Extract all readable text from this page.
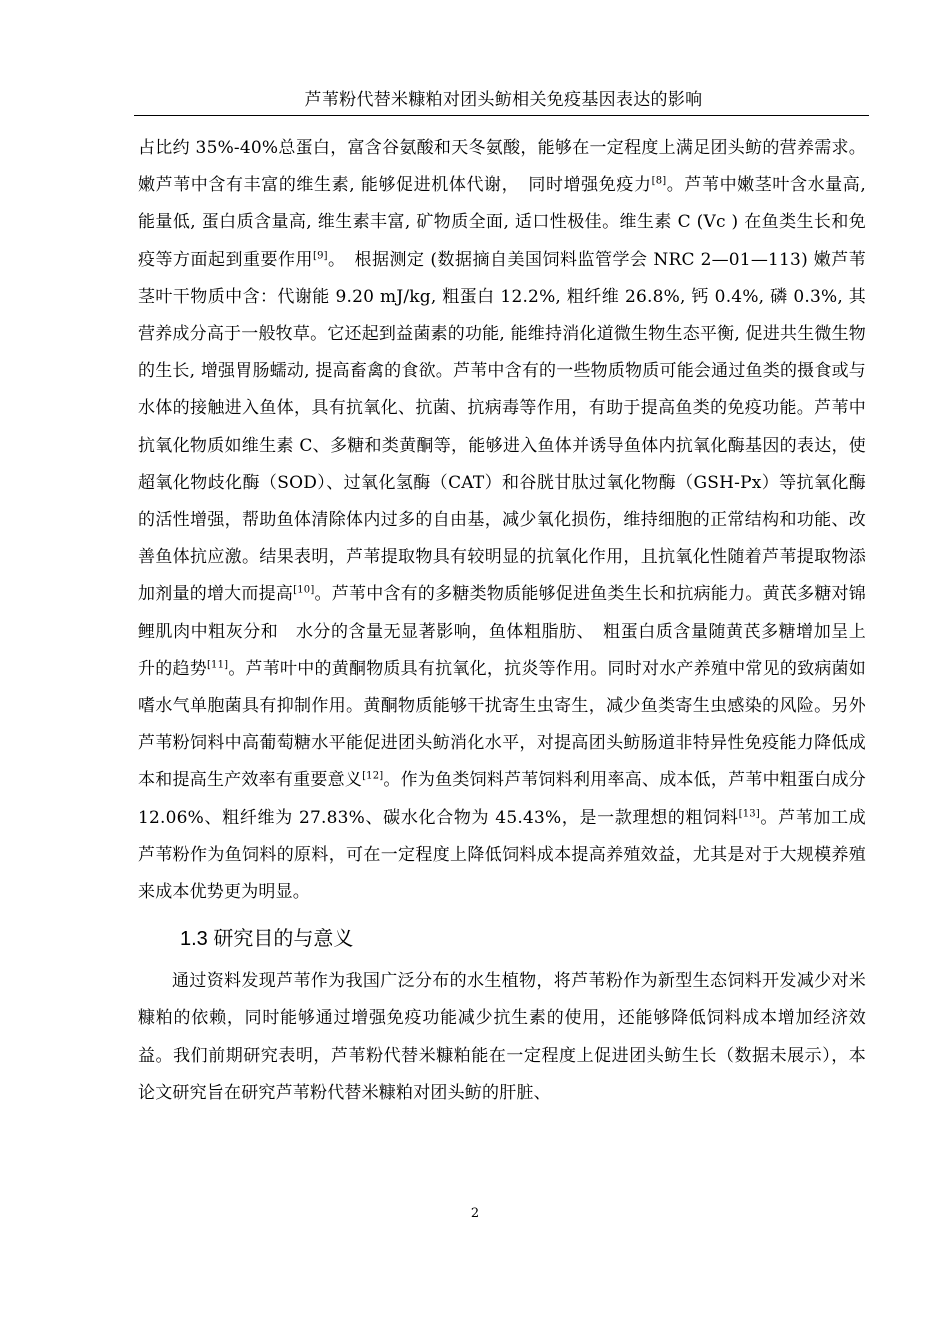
芦苇粉代替米糠粕对团头鲂相关免疫基因表达的影响

占比约 35%-40%总蛋白，富含谷氨酸和天冬氨酸，能够在一定程度上满足团头鲂的营养需求。嫩芦苇中含有丰富的维生素, 能够促进机体代谢，　同时增强免疫力[8]。芦苇中嫩茎叶含水量高, 能量低, 蛋白质含量高, 维生素丰富, 矿物质全面, 适口性极佳。维生素 C (Vc ) 在鱼类生长和免疫等方面起到重要作用[9]。　根据测定 (数据摘自美国饲料监管学会 NRC 2—01—113) 嫩芦苇茎叶干物质中含：代谢能 9.20 mJ/kg, 粗蛋白 12.2%, 粗纤维 26.8%, 钙 0.4%, 磷 0.3%, 其营养成分高于一般牧草。它还起到益菌素的功能, 能维持消化道微生物生态平衡, 促进共生微生物的生长, 增强胃肠蠕动, 提高畜禽的食欲。芦苇中含有的一些物质物质可能会通过鱼类的摄食或与水体的接触进入鱼体，具有抗氧化、抗菌、抗病毒等作用，有助于提高鱼类的免疫功能。芦苇中抗氧化物质如维生素 C、多糖和类黄酮等，能够进入鱼体并诱导鱼体内抗氧化酶基因的表达，使超氧化物歧化酶（SOD）、过氧化氢酶（CAT）和谷胱甘肽过氧化物酶（GSH-Px）等抗氧化酶的活性增强，帮助鱼体清除体内过多的自由基，减少氧化损伤，维持细胞的正常结构和功能、改善鱼体抗应激。结果表明，芦苇提取物具有较明显的抗氧化作用，且抗氧化性随着芦苇提取物添加剂量的增大而提高[10]。芦苇中含有的多糖类物质能够促进鱼类生长和抗病能力。黄芪多糖对锦鲤肌肉中粗灰分和　水分的含量无显著影响，鱼体粗脂肪、　粗蛋白质含量随黄芪多糖增加呈上升的趋势[11]。芦苇叶中的黄酮物质具有抗氧化，抗炎等作用。同时对水产养殖中常见的致病菌如嗜水气单胞菌具有抑制作用。黄酮物质能够干扰寄生虫寄生，减少鱼类寄生虫感染的风险。另外芦苇粉饲料中高葡萄糖水平能促进团头鲂消化水平，对提高团头鲂肠道非特异性免疫能力降低成本和提高生产效率有重要意义[12]。作为鱼类饲料芦苇饲料利用率高、成本低，芦苇中粗蛋白成分 12.06%、粗纤维为 27.83%、碳水化合物为 45.43%，是一款理想的粗饲料[13]。芦苇加工成芦苇粉作为鱼饲料的原料，可在一定程度上降低饲料成本提高养殖效益，尤其是对于大规模养殖来成本优势更为明显。

1.3 研究目的与意义

通过资料发现芦苇作为我国广泛分布的水生植物，将芦苇粉作为新型生态饲料开发减少对米糠粕的依赖，同时能够通过增强免疫功能减少抗生素的使用，还能够降低饲料成本增加经济效益。我们前期研究表明，芦苇粉代替米糠粕能在一定程度上促进团头鲂生长（数据未展示），本论文研究旨在研究芦苇粉代替米糠粕对团头鲂的肝脏、

2
